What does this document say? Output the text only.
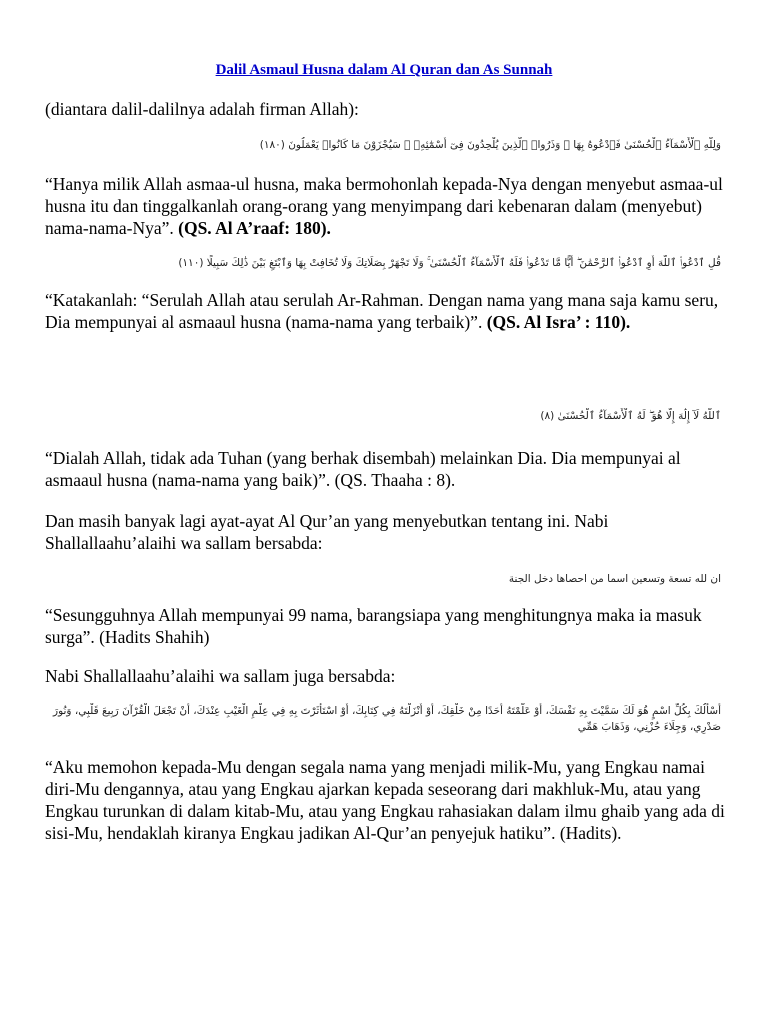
Dalil Asmaul Husna dalam Al Quran dan As Sunnah

(diantara dalil-dalilnya adalah firman Allah):

وَلِلَّهِ ٱلْأَسْمَآءُ ٱلْحُسْنَىٰ فَٱدْعُوهُ بِهَا ۖ وَذَرُوا۟ ٱلَّذِينَ يُلْحِدُونَ فِىٓ أَسْمَٰٓئِهِۦ ۚ سَيُجْزَوْنَ مَا كَانُوا۟ يَعْمَلُونَ (١٨٠)

“Hanya milik Allah asmaa-ul husna, maka bermohonlah kepada-Nya dengan menyebut asmaa-ul husna itu dan tinggalkanlah orang-orang yang menyimpang dari kebenaran dalam (menyebut) nama-nama-Nya”. (QS. Al A’raaf: 180).

قُلِ ٱدْعُوا۟ ٱللَّهَ أَوِ ٱدْعُوا۟ ٱلرَّحْمَٰنَ ۖ أَيًّا مَّا تَدْعُوا۟ فَلَهُ ٱلْأَسْمَآءُ ٱلْحُسْنَىٰ ۚ وَلَا تَجْهَرْ بِصَلَاتِكَ وَلَا تُخَافِتْ بِهَا وَٱبْتَغِ بَيْنَ ذَٰلِكَ سَبِيلًا (١١٠)

“Katakanlah: “Serulah Allah atau serulah Ar-Rahman. Dengan nama yang mana saja kamu seru, Dia mempunyai al asmaaul husna (nama-nama yang terbaik)”. (QS. Al Isra’ : 110).

ٱللَّهُ لَآ إِلَٰهَ إِلَّا هُوَ ۖ لَهُ ٱلْأَسْمَآءُ ٱلْحُسْنَىٰ (٨)

“Dialah Allah, tidak ada Tuhan (yang berhak disembah) melainkan Dia. Dia mempunyai al asmaaul husna (nama-nama yang baik)”. (QS. Thaaha : 8).

Dan masih banyak lagi ayat-ayat Al Qur’an yang menyebutkan tentang ini. Nabi Shallallaahu’alaihi wa sallam bersabda:

ان لله تسعة وتسعين اسما من احصاها دخل الجنة

“Sesungguhnya Allah mempunyai 99 nama, barangsiapa yang menghitungnya maka ia masuk surga”. (Hadits Shahih)

Nabi Shallallaahu’alaihi wa sallam juga bersabda:

أَسْأَلُكَ بِكُلِّ اسْمٍ هُوَ لَكَ سَمَّيْتَ بِهِ نَفْسَكَ، أَوْ عَلَّمْتَهُ أَحَدًا مِنْ خَلْقِكَ، أَوْ أَنْزَلْتَهُ فِي كِتَابِكَ، أَوْ اسْتَأْثَرْتَ بِهِ فِي عِلْمِ الْغَيْبِ عِنْدَكَ، أَنْ تَجْعَلَ الْقُرْآنَ رَبِيعَ قَلْبِي، وَنُورَ صَدْرِي، وَجِلَاءَ حُزْنِي، وَذَهَابَ هَمِّي

“Aku memohon kepada-Mu dengan segala nama yang menjadi milik-Mu, yang Engkau namai diri-Mu dengannya, atau yang Engkau ajarkan kepada seseorang dari makhluk-Mu, atau yang Engkau turunkan di dalam kitab-Mu, atau yang Engkau rahasiakan dalam ilmu ghaib yang ada di sisi-Mu, hendaklah kiranya Engkau jadikan Al-Qur’an penyejuk hatiku”. (Hadits).
